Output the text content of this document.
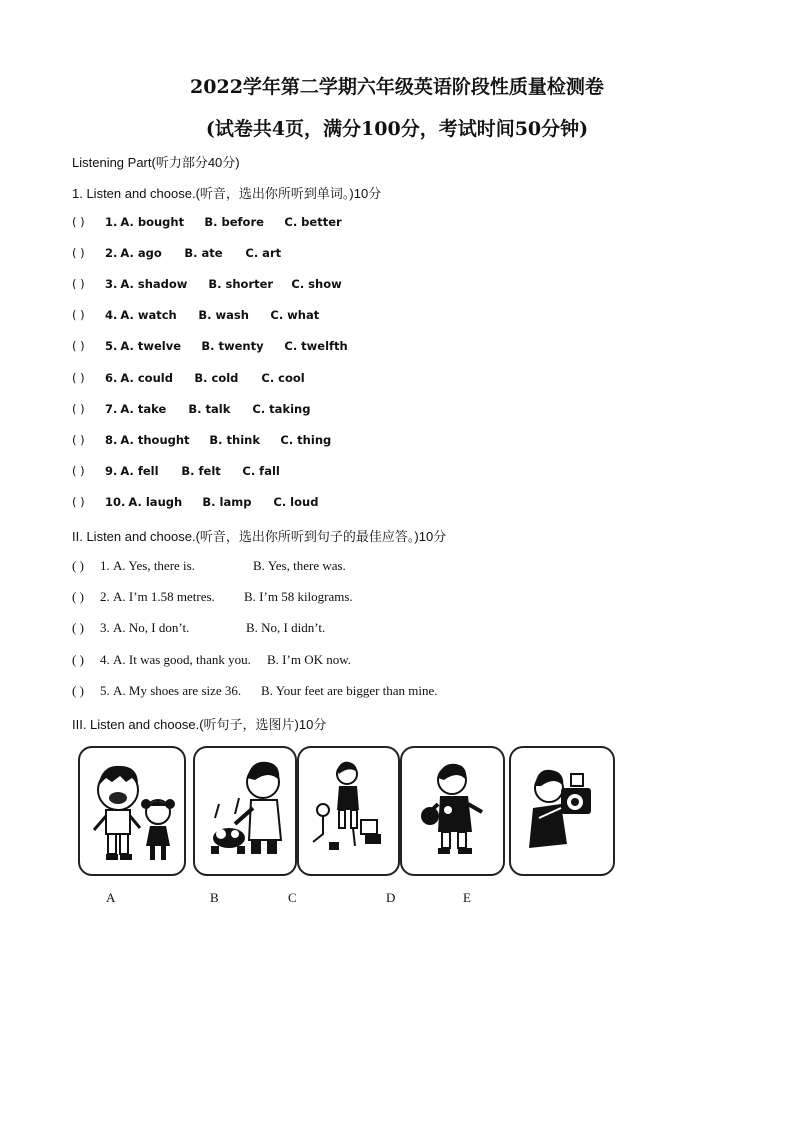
2022学年第二学期六年级英语阶段性质量检测卷
(试卷共4页，满分100分，考试时间50分钟)
Listening Part(听力部分40分)
1. Listen and choose.(听音，选出你所听到单词。)10分
( ) 1. A. bought B. before C. better
( ) 2. A. ago B. ate C. art
( ) 3. A. shadow B. shorter C. show
( ) 4. A. watch B. wash C. what
( ) 5. A. twelve B. twenty C. twelfth
( ) 6. A. could B. cold C. cool
( ) 7. A. take B. talk C. taking
( ) 8. A. thought B. think C. thing
( ) 9. A. fell B. felt C. fall
( ) 10. A. laugh B. lamp C. loud
II. Listen and choose.(听音，选出你所听到句子的最佳应答。)10分
( ) 1. A. Yes, there is.	B. Yes, there was.
( ) 2. A. I’m 1.58 metres. B. I’m 58 kilograms.
( ) 3. A. No, I don’t.	B. No, I didn’t.
( ) 4. A. It was good, thank you. B. I’m OK now.
( ) 5. A. My shoes are size 36. B. Your feet are bigger than mine.
III. Listen and choose.(听句子，选图片)10分
A	B	C	D	E
